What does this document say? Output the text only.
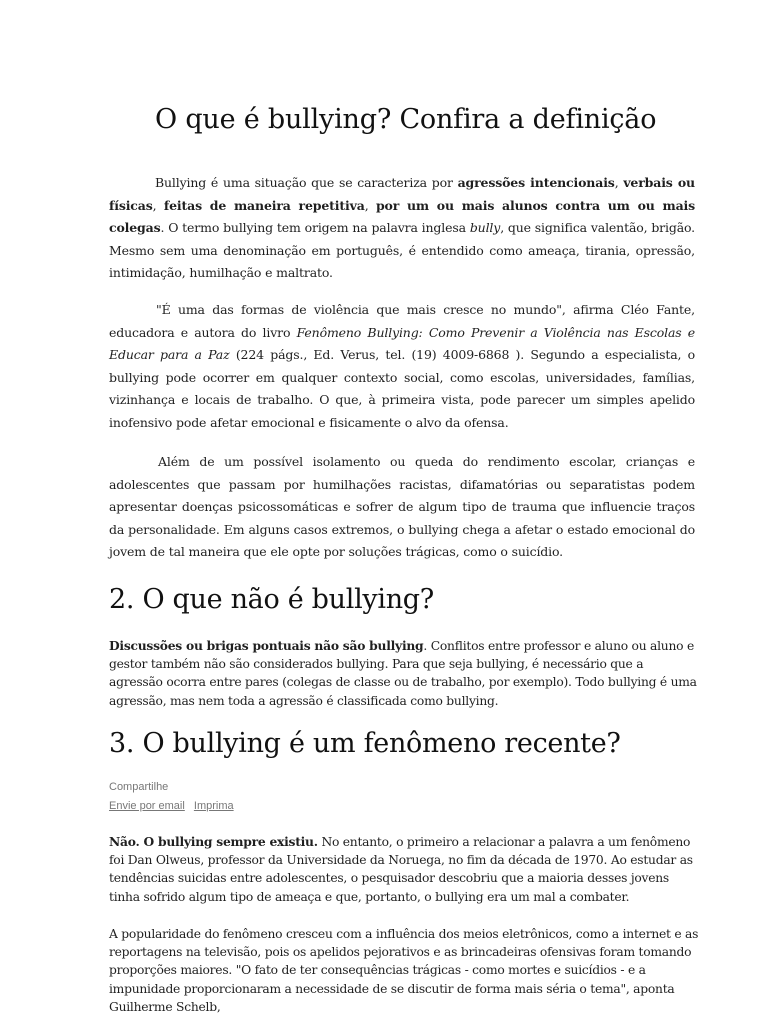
O que é bullying? Confira a definição

Bullying é uma situação que se caracteriza por agressões intencionais, verbais ou físicas, feitas de maneira repetitiva, por um ou mais alunos contra um ou mais colegas. O termo bullying tem origem na palavra inglesa bully, que significa valentão, brigão. Mesmo sem uma denominação em português, é entendido como ameaça, tirania, opressão, intimidação, humilhação e maltrato.

"É uma das formas de violência que mais cresce no mundo", afirma Cléo Fante, educadora e autora do livro Fenômeno Bullying: Como Prevenir a Violência nas Escolas e Educar para a Paz (224 págs., Ed. Verus, tel. (19) 4009-6868 ). Segundo a especialista, o bullying pode ocorrer em qualquer contexto social, como escolas, universidades, famílias, vizinhança e locais de trabalho. O que, à primeira vista, pode parecer um simples apelido inofensivo pode afetar emocional e fisicamente o alvo da ofensa.

Além de um possível isolamento ou queda do rendimento escolar, crianças e adolescentes que passam por humilhações racistas, difamatórias ou separatistas podem apresentar doenças psicossomáticas e sofrer de algum tipo de trauma que influencie traços da personalidade. Em alguns casos extremos, o bullying chega a afetar o estado emocional do jovem de tal maneira que ele opte por soluções trágicas, como o suicídio.

2. O que não é bullying?

Discussões ou brigas pontuais não são bullying. Conflitos entre professor e aluno ou aluno e gestor também não são considerados bullying. Para que seja bullying, é necessário que a agressão ocorra entre pares (colegas de classe ou de trabalho, por exemplo). Todo bullying é uma agressão, mas nem toda a agressão é classificada como bullying.

3. O bullying é um fenômeno recente?

Compartilhe

Envie por email Imprima

Não. O bullying sempre existiu. No entanto, o primeiro a relacionar a palavra a um fenômeno foi Dan Olweus, professor da Universidade da Noruega, no fim da década de 1970. Ao estudar as tendências suicidas entre adolescentes, o pesquisador descobriu que a maioria desses jovens tinha sofrido algum tipo de ameaça e que, portanto, o bullying era um mal a combater.

A popularidade do fenômeno cresceu com a influência dos meios eletrônicos, como a internet e as reportagens na televisão, pois os apelidos pejorativos e as brincadeiras ofensivas foram tomando proporções maiores. "O fato de ter consequências trágicas - como mortes e suicídios - e a impunidade proporcionaram a necessidade de se discutir de forma mais séria o tema", aponta Guilherme Schelb,
